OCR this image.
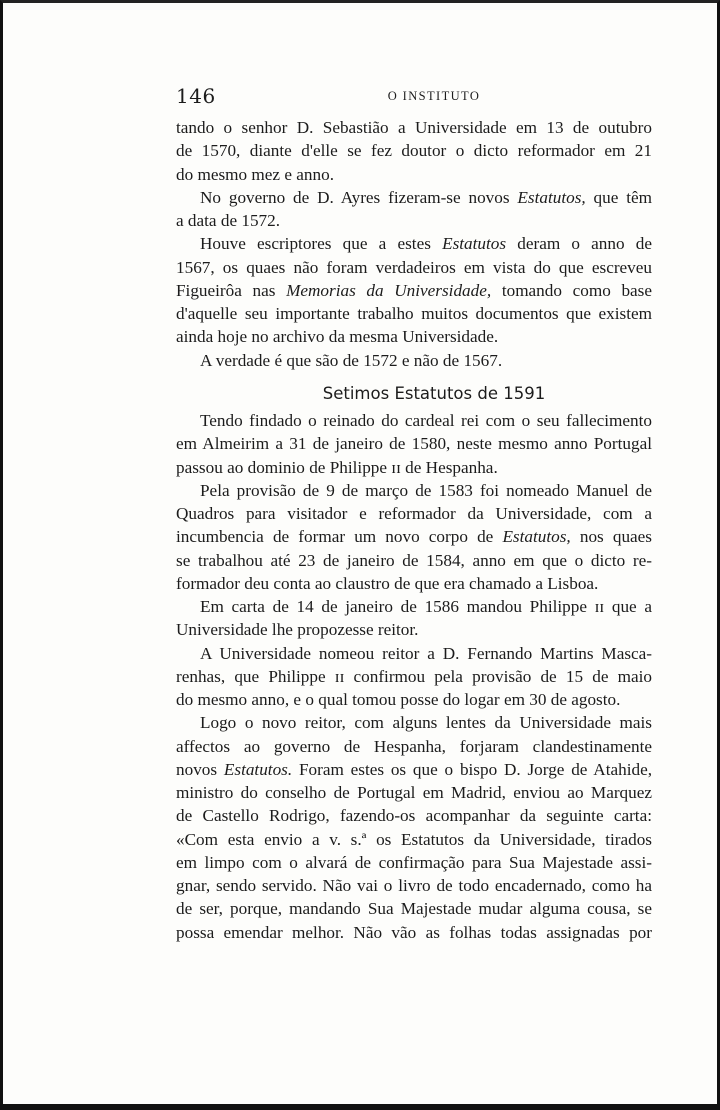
146	O INSTITUTO
tando o senhor D. Sebastião a Universidade em 13 de outubro
de 1570, diante d'elle se fez doutor o dicto reformador em 21
do mesmo mez e anno.
No governo de D. Ayres fizeram-se novos Estatutos, que têm
a data de 1572.
Houve escriptores que a estes Estatutos deram o anno de
1567, os quaes não foram verdadeiros em vista do que escreveu
Figueirôa nas Memorias da Universidade, tomando como base
d'aquelle seu importante trabalho muitos documentos que existem
ainda hoje no archivo da mesma Universidade.
A verdade é que são de 1572 e não de 1567.
Setimos Estatutos de 1591
Tendo findado o reinado do cardeal rei com o seu fallecimento
em Almeirim a 31 de janeiro de 1580, neste mesmo anno Portugal
passou ao dominio de Philippe ɪɪ de Hespanha.
Pela provisão de 9 de março de 1583 foi nomeado Manuel de
Quadros para visitador e reformador da Universidade, com a
incumbencia de formar um novo corpo de Estatutos, nos quaes
se trabalhou até 23 de janeiro de 1584, anno em que o dicto re-
formador deu conta ao claustro de que era chamado a Lisboa.
Em carta de 14 de janeiro de 1586 mandou Philippe ɪɪ que a
Universidade lhe propozesse reitor.
A Universidade nomeou reitor a D. Fernando Martins Masca-
renhas, que Philippe ɪɪ confirmou pela provisão de 15 de maio
do mesmo anno, e o qual tomou posse do logar em 30 de agosto.
Logo o novo reitor, com alguns lentes da Universidade mais
affectos ao governo de Hespanha, forjaram clandestinamente
novos Estatutos. Foram estes os que o bispo D. Jorge de Atahide,
ministro do conselho de Portugal em Madrid, enviou ao Marquez
de Castello Rodrigo, fazendo-os acompanhar da seguinte carta:
«Com esta envio a v. s.ª os Estatutos da Universidade, tirados
em limpo com o alvará de confirmação para Sua Majestade assi-
gnar, sendo servido. Não vai o livro de todo encadernado, como ha
de ser, porque, mandando Sua Majestade mudar alguma cousa, se
possa emendar melhor. Não vão as folhas todas assignadas por
